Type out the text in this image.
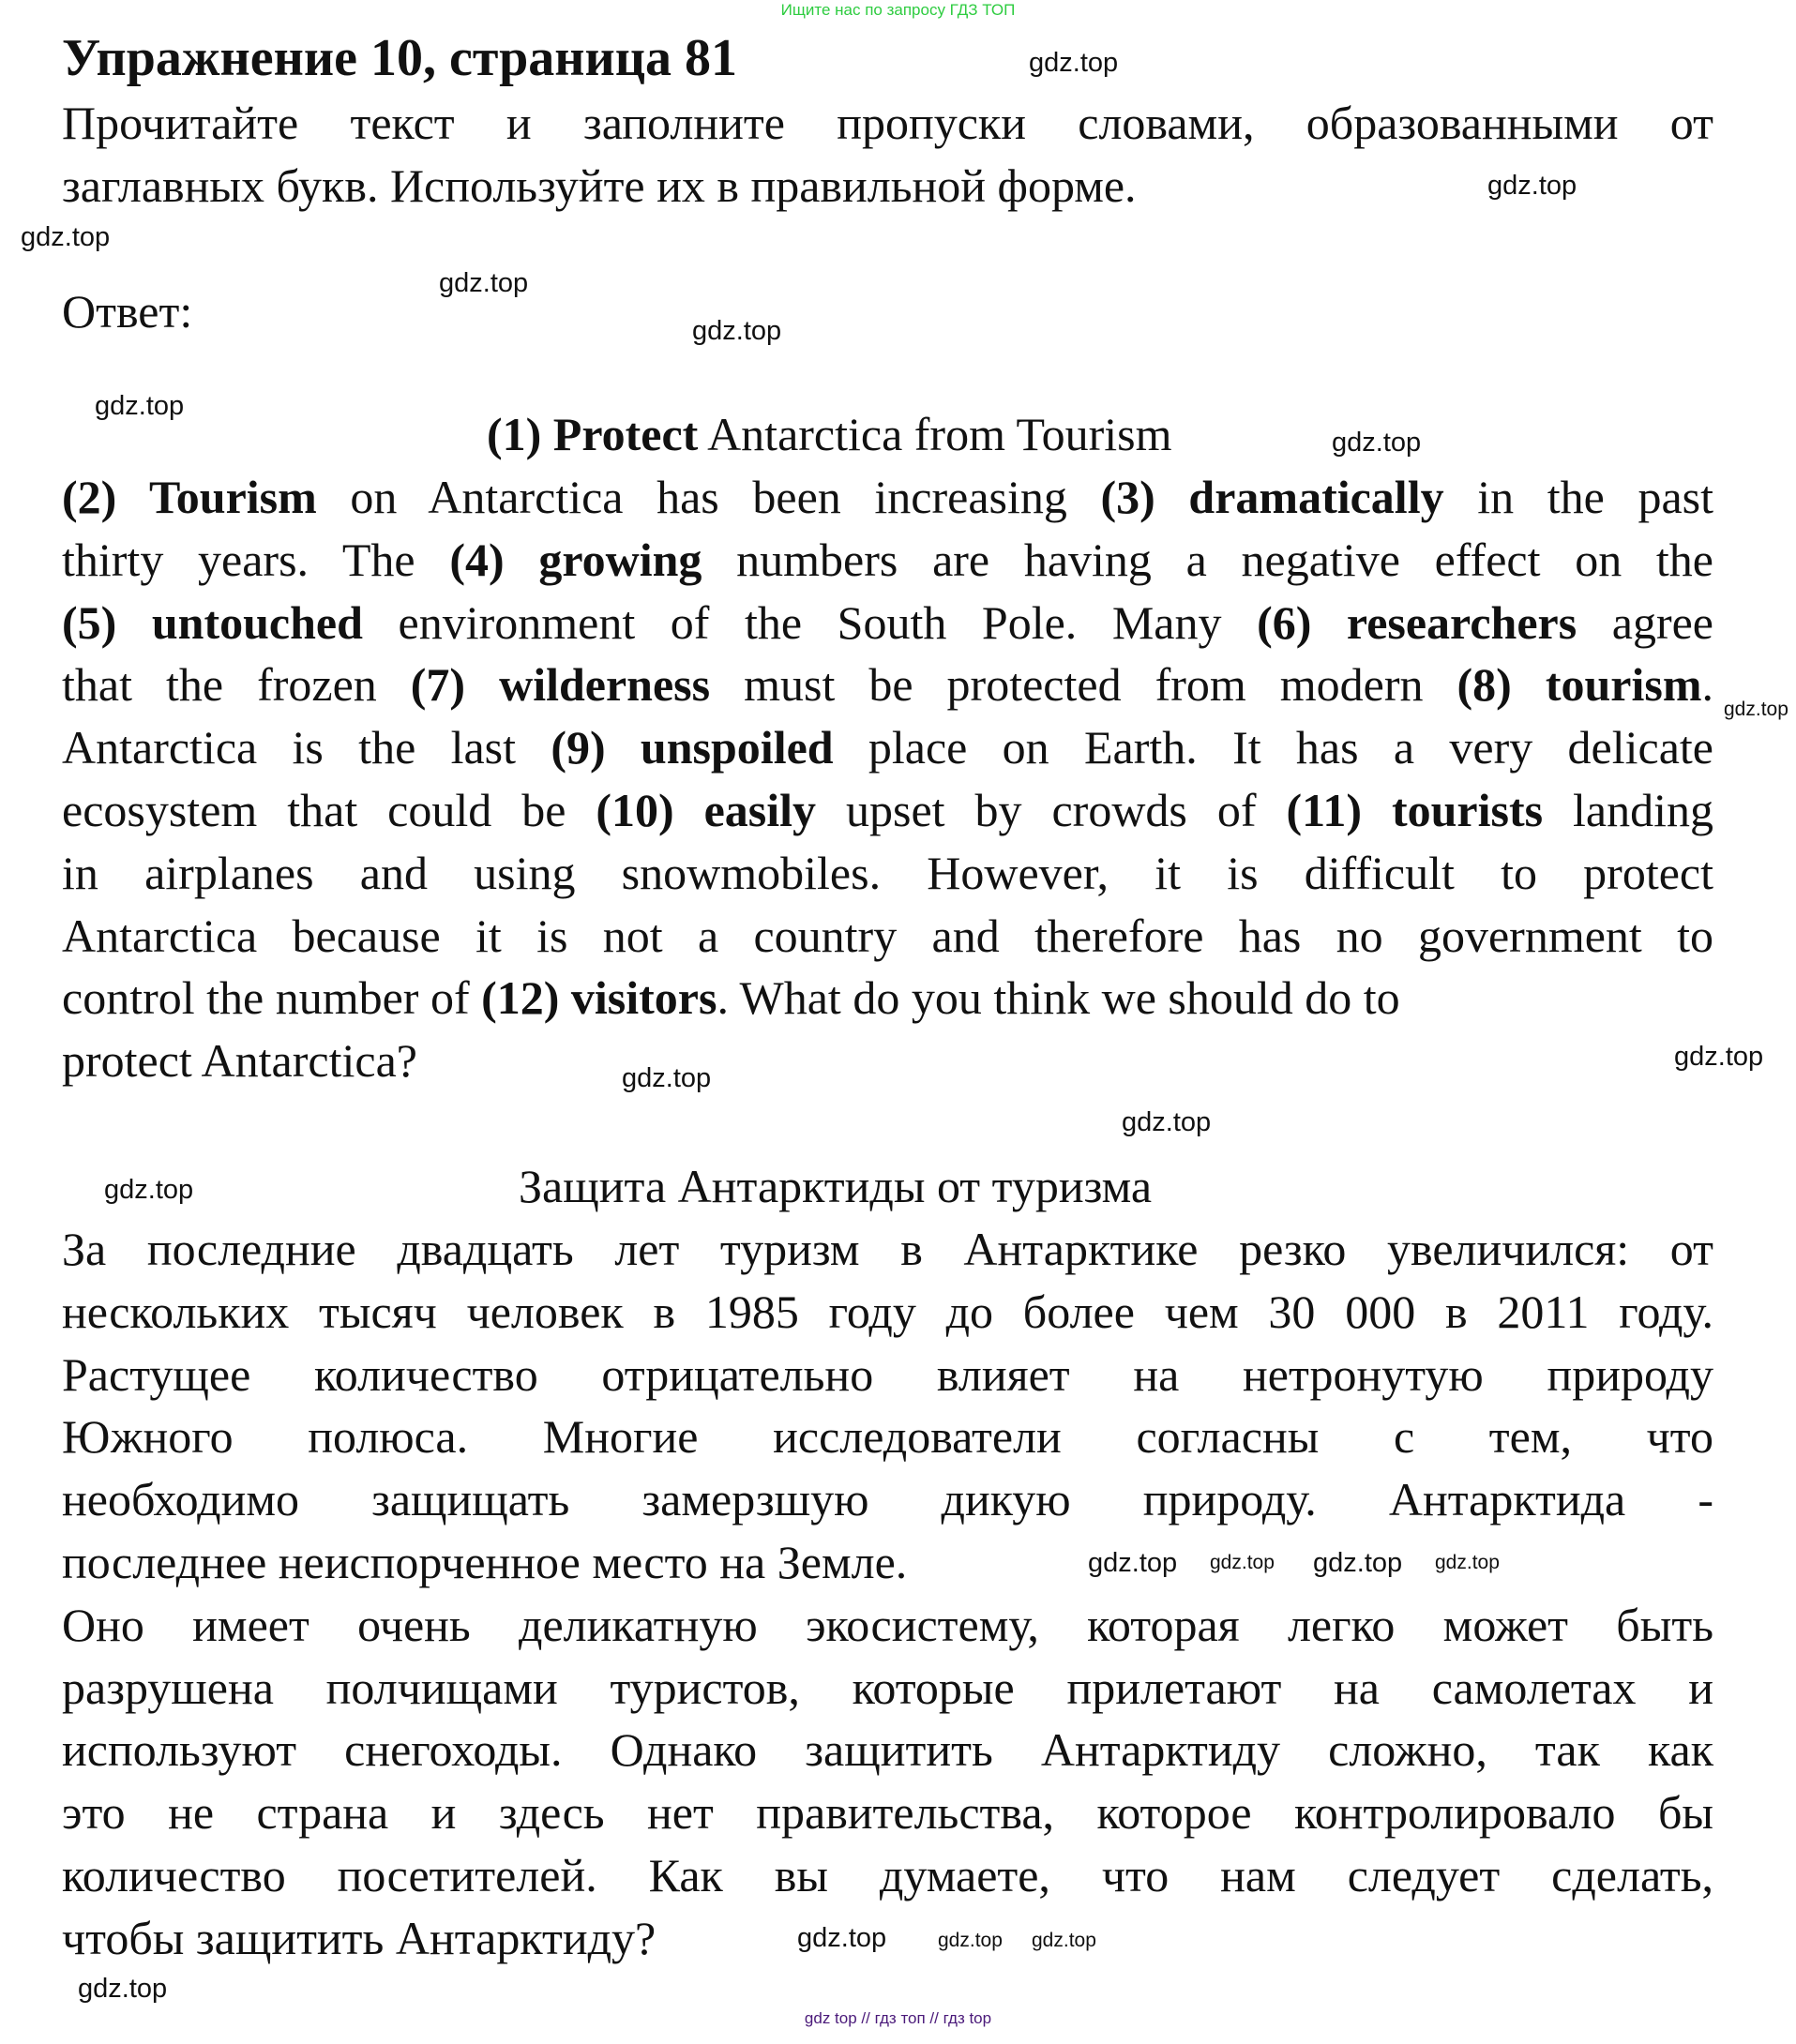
Ищите нас по запросу ГДЗ ТОП
Упражнение 10, страница 81
Прочитайте текст и заполните пропуски словами, образованными от
заглавных букв. Используйте их в правильной форме.
Ответ:
(1) Protect Antarctica from Tourism
(2) Tourism on Antarctica has been increasing (3) dramatically in the past
thirty years. The (4) growing numbers are having a negative effect on the
(5) untouched environment of the South Pole. Many (6) researchers agree
that the frozen (7) wilderness must be protected from modern (8) tourism.
Antarctica is the last (9) unspoiled place on Earth. It has a very delicate
ecosystem that could be (10) easily upset by crowds of (11) tourists landing
in airplanes and using snowmobiles. However, it is difficult to protect
Antarctica because it is not a country and therefore has no government to
control the number of (12) visitors. What do you think we should do to
protect Antarctica?
Защита Антарктиды от туризма
За последние двадцать лет туризм в Антарктике резко увеличился: от
нескольких тысяч человек в 1985 году до более чем 30 000 в 2011 году.
Растущее количество отрицательно влияет на нетронутую природу
Южного полюса. Многие исследователи согласны с тем, что
необходимо защищать замерзшую дикую природу. Антарктида -
последнее неиспорченное место на Земле.
Оно имеет очень деликатную экосистему, которая легко может быть
разрушена полчищами туристов, которые прилетают на самолетах и
используют снегоходы. Однако защитить Антарктиду сложно, так как
это не страна и здесь нет правительства, которое контролировало бы
количество посетителей. Как вы думаете, что нам следует сделать,
чтобы защитить Антарктиду?
gdz.top
gdz.top
gdz.top
gdz.top
gdz.top
gdz.top
gdz.top
gdz.top
gdz.top
gdz.top
gdz.top
gdz.top
gdz.top	gdz.top
gdz.top
gdz.top
gdz.top gdz.top
gdz.top
gdz.top
gdz top // гдз топ // гдз top
